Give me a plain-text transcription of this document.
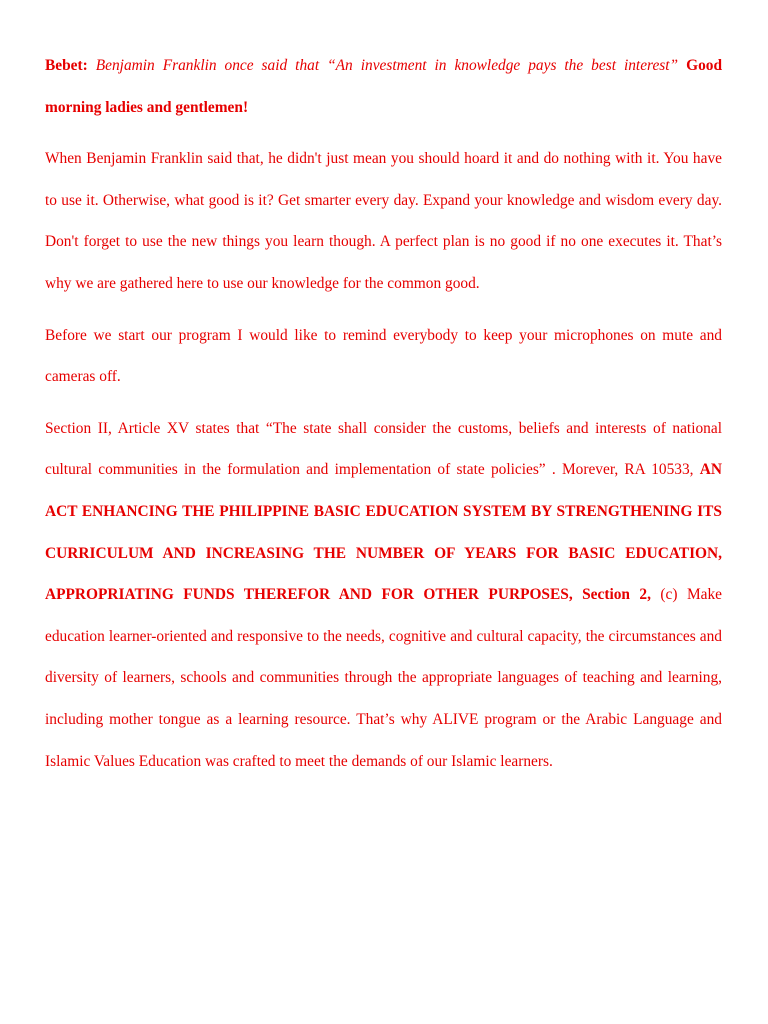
Bebet: Benjamin Franklin once said that “An investment in knowledge pays the best interest” Good morning ladies and gentlemen!

When Benjamin Franklin said that, he didn't just mean you should hoard it and do nothing with it. You have to use it. Otherwise, what good is it? Get smarter every day. Expand your knowledge and wisdom every day. Don't forget to use the new things you learn though. A perfect plan is no good if no one executes it. That’s why we are gathered here to use our knowledge for the common good.

Before we start our program I would like to remind everybody to keep your microphones on mute and cameras off.

Section II, Article XV states that “The state shall consider the customs, beliefs and interests of national cultural communities in the formulation and implementation of state policies” . Morever, RA 10533, AN ACT ENHANCING THE PHILIPPINE BASIC EDUCATION SYSTEM BY STRENGTHENING ITS CURRICULUM AND INCREASING THE NUMBER OF YEARS FOR BASIC EDUCATION, APPROPRIATING FUNDS THEREFOR AND FOR OTHER PURPOSES, Section 2, (c) Make education learner-oriented and responsive to the needs, cognitive and cultural capacity, the circumstances and diversity of learners, schools and communities through the appropriate languages of teaching and learning, including mother tongue as a learning resource. That’s why ALIVE program or the Arabic Language and Islamic Values Education was crafted to meet the demands of our Islamic learners.
